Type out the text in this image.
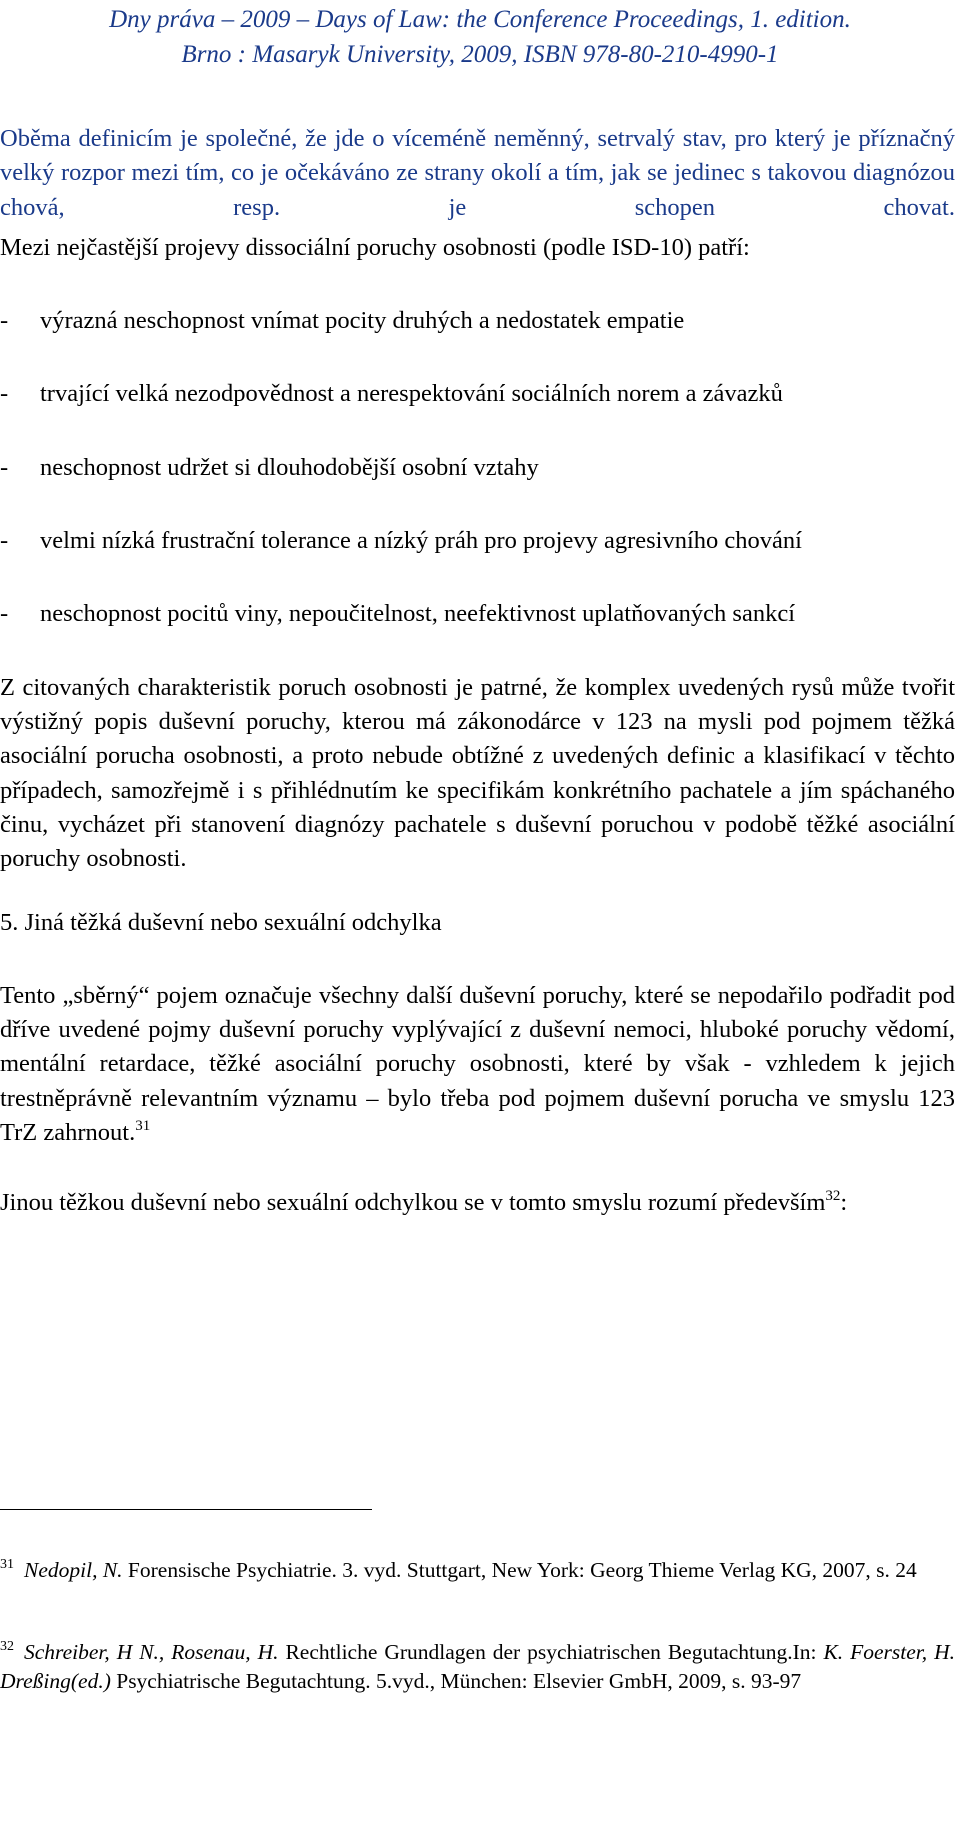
Dny práva – 2009 – Days of Law: the Conference Proceedings, 1. edition.
Brno : Masaryk University, 2009, ISBN 978-80-210-4990-1

Oběma definicím je společné, že jde o víceméně neměnný, setrvalý stav, pro který je příznačný velký rozpor mezi tím, co je očekáváno ze strany okolí a tím, jak se jedinec s takovou diagnózou chová, resp. je schopen chovat.

Mezi nejčastější projevy dissociální poruchy osobnosti (podle ISD-10) patří:

- výrazná neschopnost vnímat pocity druhých a nedostatek empatie
- trvající velká nezodpovědnost a nerespektování sociálních norem a závazků
- neschopnost udržet si dlouhodobější osobní vztahy
- velmi nízká frustrační tolerance a nízký práh pro projevy agresivního chování
- neschopnost pocitů viny, nepoučitelnost, neefektivnost uplatňovaných sankcí

Z citovaných charakteristik poruch osobnosti je patrné, že komplex uvedených rysů může tvořit výstižný popis duševní poruchy, kterou má zákonodárce v 123 na mysli pod pojmem těžká asociální porucha osobnosti, a proto nebude obtížné z uvedených definic a klasifikací v těchto případech, samozřejmě i s přihlédnutím ke specifikám konkrétního pachatele a jím spáchaného činu, vycházet při stanovení diagnózy pachatele s duševní poruchou v podobě těžké asociální poruchy osobnosti.

5. Jiná těžká duševní nebo sexuální odchylka

Tento „sběrný“ pojem označuje všechny další duševní poruchy, které se nepodařilo podřadit pod dříve uvedené pojmy duševní poruchy vyplývající z duševní nemoci, hluboké poruchy vědomí, mentální retardace, těžké asociální poruchy osobnosti, které by však - vzhledem k jejich trestněprávně relevantním významu – bylo třeba pod pojmem duševní porucha ve smyslu 123 TrZ zahrnout.$^{31}$

Jinou těžkou duševní nebo sexuální odchylkou se v tomto smyslu rozumí především$^{32}$:

$^{31}$ Nedopil, N. Forensische Psychiatrie. 3. vyd. Stuttgart, New York: Georg Thieme Verlag KG, 2007, s. 24
$^{32}$ Schreiber, H N., Rosenau, H. Rechtliche Grundlagen der psychiatrischen Begutachtung.In: K. Foerster, H. Dreßing(ed.) Psychiatrische Begutachtung. 5.vyd., München: Elsevier GmbH, 2009, s. 93-97
